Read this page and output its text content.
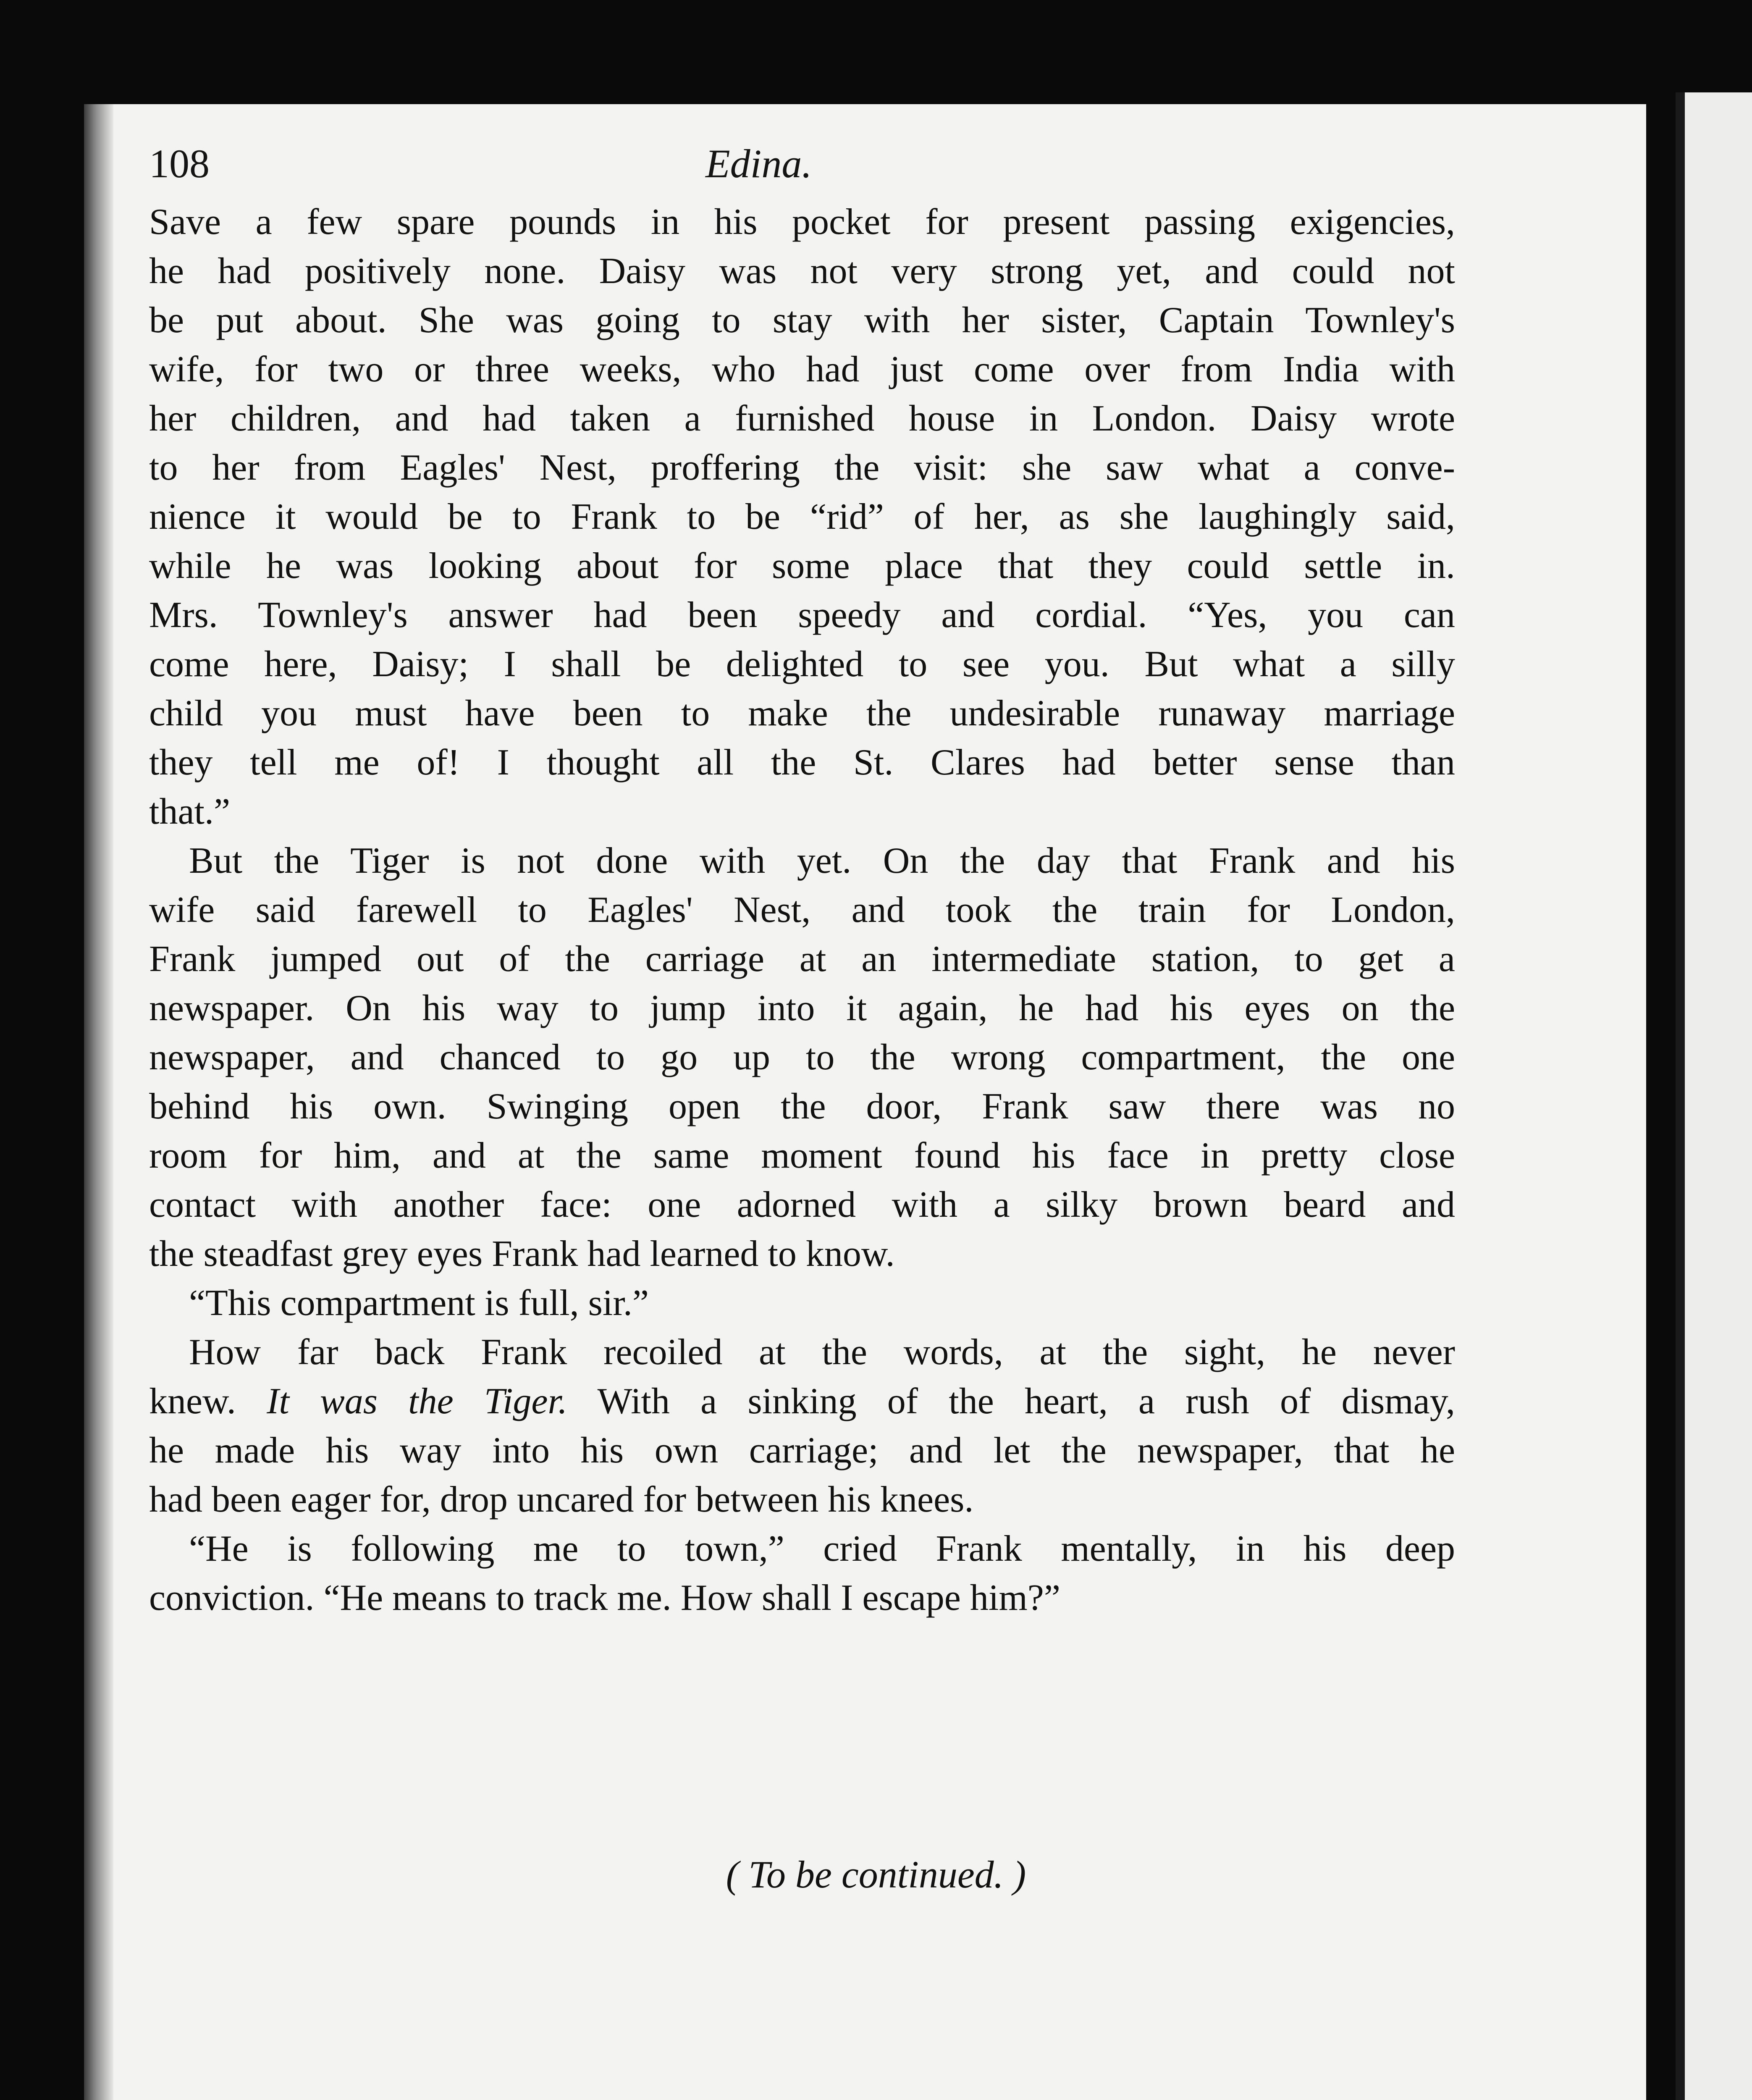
108	Edina.
Save a few spare pounds in his pocket for present passing exigencies,
he had positively none. Daisy was not very strong yet, and could not
be put about. She was going to stay with her sister, Captain Townley's
wife, for two or three weeks, who had just come over from India with
her children, and had taken a furnished house in London. Daisy wrote
to her from Eagles' Nest, proffering the visit: she saw what a conve-
nience it would be to Frank to be “rid” of her, as she laughingly said,
while he was looking about for some place that they could settle in.
Mrs. Townley's answer had been speedy and cordial. “Yes, you can
come here, Daisy; I shall be delighted to see you. But what a silly
child you must have been to make the undesirable runaway marriage
they tell me of! I thought all the St. Clares had better sense than
that.”
But the Tiger is not done with yet. On the day that Frank and his
wife said farewell to Eagles' Nest, and took the train for London,
Frank jumped out of the carriage at an intermediate station, to get a
newspaper. On his way to jump into it again, he had his eyes on the
newspaper, and chanced to go up to the wrong compartment, the one
behind his own. Swinging open the door, Frank saw there was no
room for him, and at the same moment found his face in pretty close
contact with another face: one adorned with a silky brown beard and
the steadfast grey eyes Frank had learned to know.
“This compartment is full, sir.”
How far back Frank recoiled at the words, at the sight, he never
knew. It was the Tiger. With a sinking of the heart, a rush of dismay,
he made his way into his own carriage; and let the newspaper, that he
had been eager for, drop uncared for between his knees.
“He is following me to town,” cried Frank mentally, in his deep
conviction. “He means to track me. How shall I escape him?”
( To be continued. )
